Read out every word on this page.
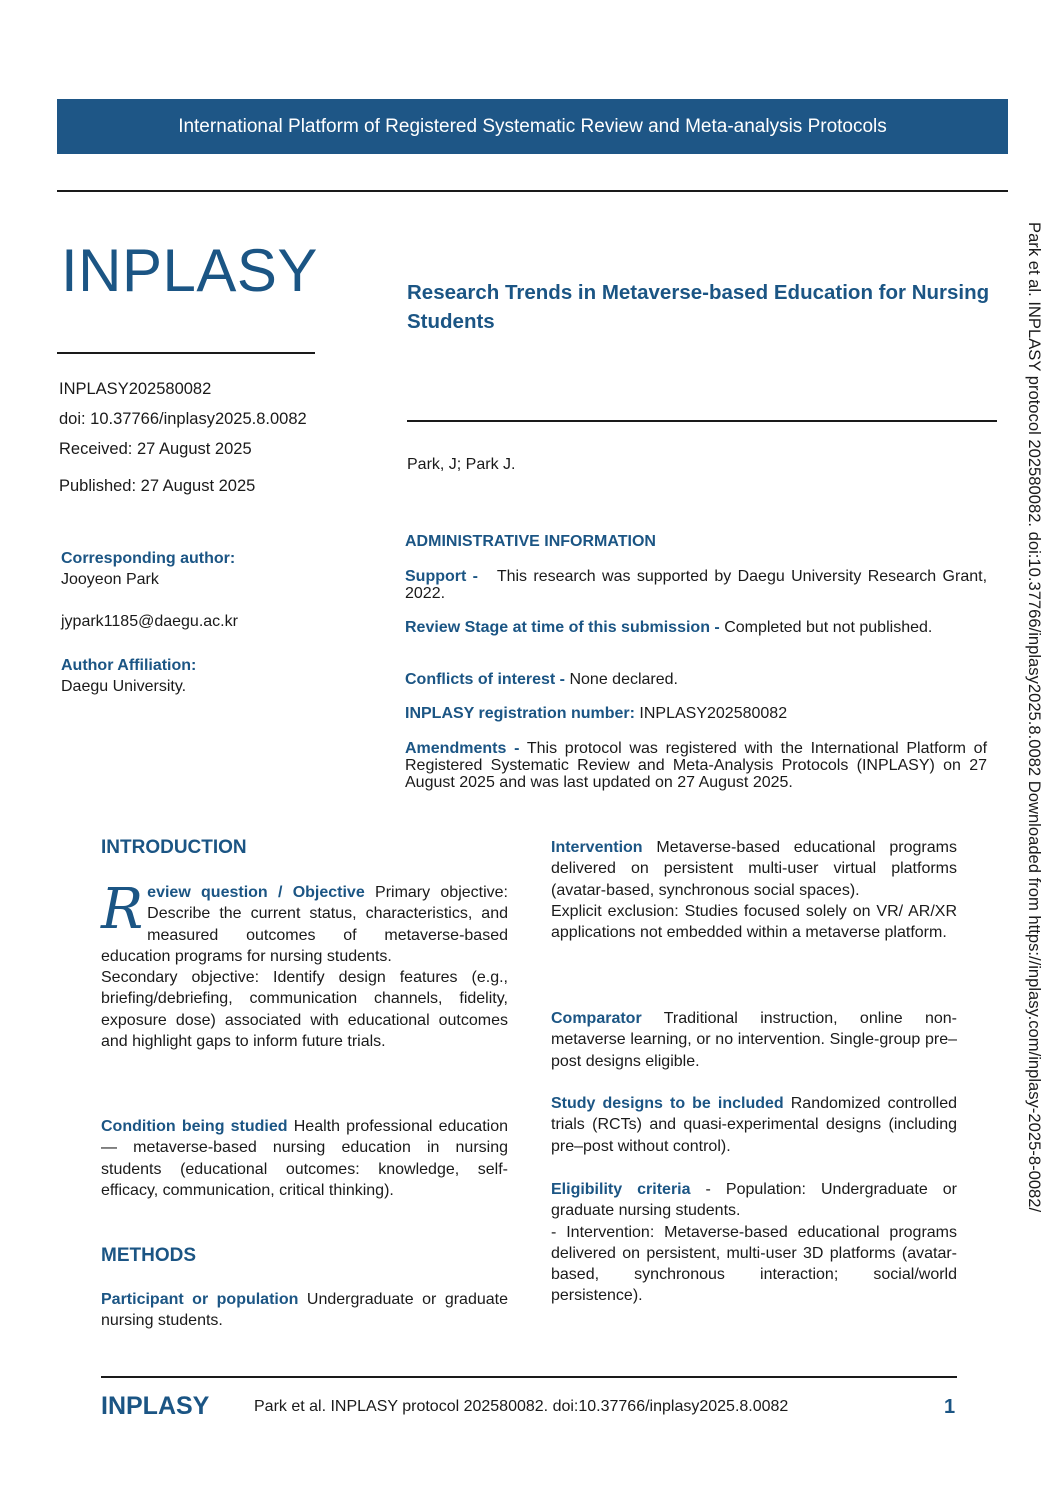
International Platform of Registered Systematic Review and Meta-analysis Protocols
INPLASY	Research Trends in Metaverse-based Education for Nursing Students
INPLASY202580082
doi: 10.37766/inplasy2025.8.0082
Received: 27 August 2025
Published: 27 August 2025
Park, J; Park J.
Corresponding author:
Jooyeon Park
jypark1185@daegu.ac.kr
Author Affiliation:
Daegu University.
ADMINISTRATIVE INFORMATION
Support - This research was supported by Daegu University Research Grant, 2022.
Review Stage at time of this submission - Completed but not published.
Conflicts of interest - None declared.
INPLASY registration number: INPLASY202580082
Amendments - This protocol was registered with the International Platform of Registered Systematic Review and Meta-Analysis Protocols (INPLASY) on 27 August 2025 and was last updated on 27 August 2025.
INTRODUCTION
R eview question / Objective Primary objective: Describe the current status, characteristics, and measured outcomes of metaverse-based education programs for nursing students.

Secondary objective: Identify design features (e.g., briefing/debriefing, communication channels, fidelity, exposure dose) associated with educational outcomes and highlight gaps to inform future trials.

Condition being studied Health professional education — metaverse-based nursing education in nursing students (educational outcomes: knowledge, self-efficacy, communication, critical thinking).

METHODS

Participant or population Undergraduate or graduate nursing students.

Intervention Metaverse-based educational programs delivered on persistent multi-user virtual platforms (avatar-based, synchronous social spaces).

Explicit exclusion: Studies focused solely on VR/ AR/XR applications not embedded within a metaverse platform.

Comparator Traditional instruction, online non-metaverse learning, or no intervention. Single-group pre–post designs eligible.

Study designs to be included Randomized controlled trials (RCTs) and quasi-experimental designs (including pre–post without control).

Eligibility criteria - Population: Undergraduate or graduate nursing students.

- Intervention: Metaverse-based educational programs delivered on persistent, multi-user 3D platforms (avatar-based, synchronous interaction; social/world persistence).

INPLASY	Park et al. INPLASY protocol 202580082. doi:10.37766/inplasy2025.8.0082	1
Park et al. INPLASY protocol 202580082. doi:10.37766/inplasy2025.8.0082 Downloaded from https://inplasy.com/inplasy-2025-8-0082/
